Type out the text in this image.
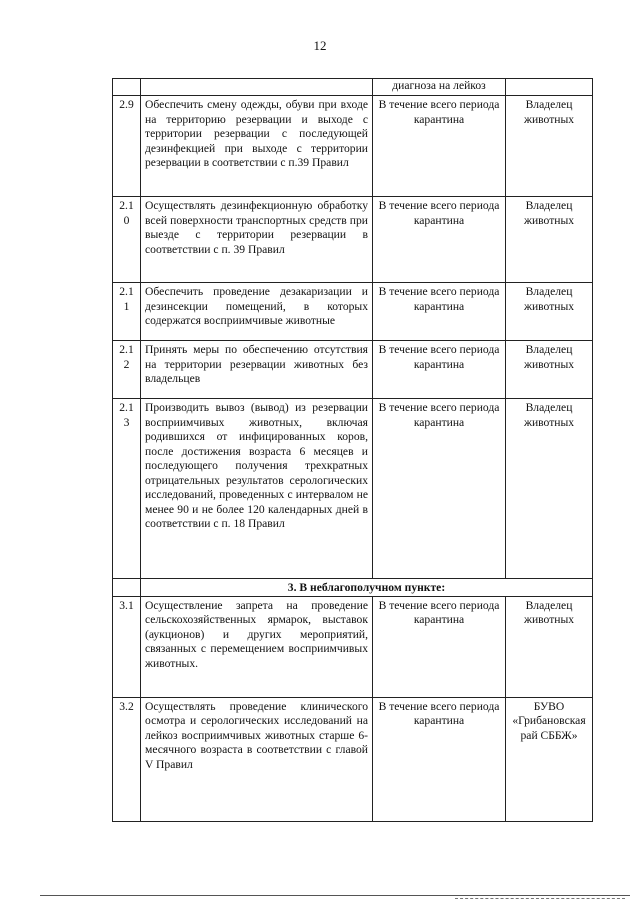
12
		диагноза на лейкоз	
2.9	Обеспечить смену одежды, обуви при входе на территорию резервации и выходе с территории резервации с последующей дезинфекцией при выходе с территории резервации в соответствии с п.39 Правил	В течение всего периода карантина	Владелец животных
2.1 0	Осуществлять дезинфекционную обработку всей поверхности транспортных средств при выезде с территории резервации в соответствии с п. 39 Правил	В течение всего периода карантина	Владелец животных
2.1 1	Обеспечить проведение дезакаризации и дезинсекции помещений, в которых содержатся восприимчивые животные	В течение всего периода карантина	Владелец животных
2.1 2	Принять меры по обеспечению отсутствия на территории резервации животных без владельцев	В течение всего периода карантина	Владелец животных
2.1 3	Производить вывоз (вывод) из резервации восприимчивых животных, включая родившихся от инфицированных коров, после достижения возраста 6 месяцев и последующего получения трехкратных отрицательных результатов серологических исследований, проведенных с интервалом не менее 90 и не более 120 календарных дней в соответствии с п. 18 Правил	В течение всего периода карантина	Владелец животных
	3. В неблагополучном пункте:		
3.1	Осуществление запрета на проведение сельскохозяйственных ярмарок, выставок (аукционов) и других мероприятий, связанных с перемещением восприимчивых животных.	В течение всего периода карантина	Владелец животных
3.2	Осуществлять проведение клинического осмотра и серологических исследований на лейкоз восприимчивых животных старше 6-месячного возраста в соответствии с главой V Правил	В течение всего периода карантина	БУВО «Грибановская рай СББЖ»
